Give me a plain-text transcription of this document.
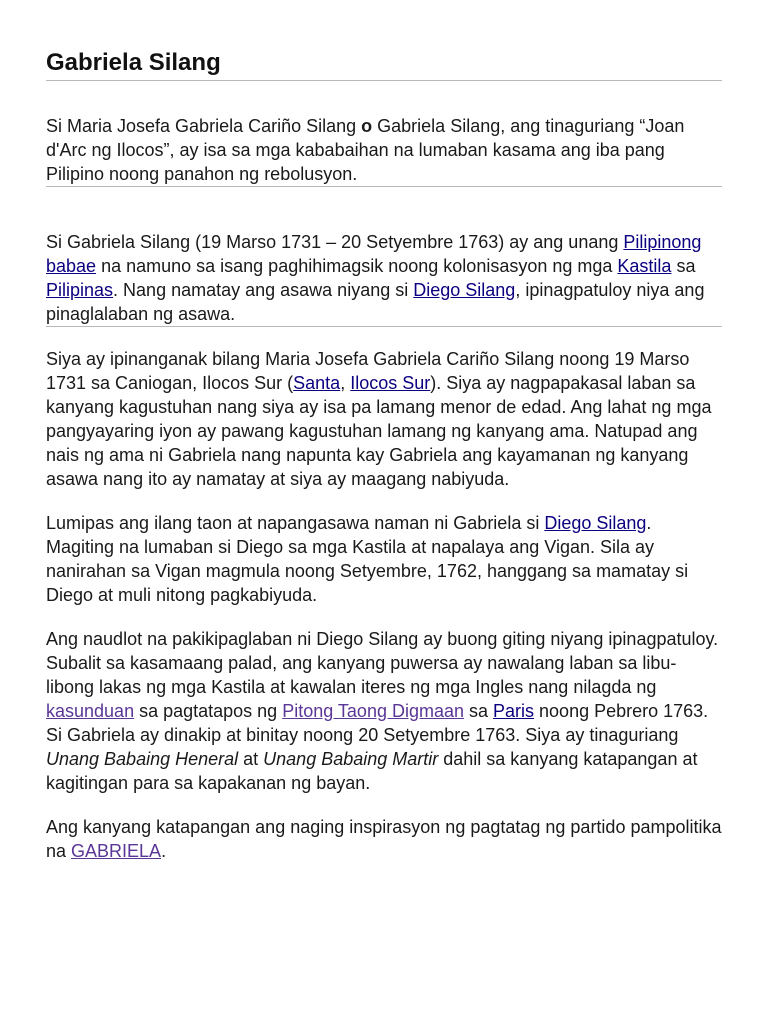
Gabriela Silang

Si Maria Josefa Gabriela Cariño Silang o Gabriela Silang, ang tinaguriang “Joan d'Arc ng Ilocos”, ay isa sa mga kababaihan na lumaban kasama ang iba pang Pilipino noong panahon ng rebolusyon.

Si Gabriela Silang (19 Marso 1731 – 20 Setyembre 1763) ay ang unang Pilipinong babae na namuno sa isang paghihimagsik noong kolonisasyon ng mga Kastila sa Pilipinas. Nang namatay ang asawa niyang si Diego Silang, ipinagpatuloy niya ang pinaglalaban ng asawa.

Siya ay ipinanganak bilang Maria Josefa Gabriela Cariño Silang noong 19 Marso 1731 sa Caniogan, Ilocos Sur (Santa, Ilocos Sur). Siya ay nagpapakasal laban sa kanyang kagustuhan nang siya ay isa pa lamang menor de edad. Ang lahat ng mga pangyayaring iyon ay pawang kagustuhan lamang ng kanyang ama. Natupad ang nais ng ama ni Gabriela nang napunta kay Gabriela ang kayamanan ng kanyang asawa nang ito ay namatay at siya ay maagang nabiyuda.

Lumipas ang ilang taon at napangasawa naman ni Gabriela si Diego Silang. Magiting na lumaban si Diego sa mga Kastila at napalaya ang Vigan. Sila ay nanirahan sa Vigan magmula noong Setyembre, 1762, hanggang sa mamatay si Diego at muli nitong pagkabiyuda.

Ang naudlot na pakikipaglaban ni Diego Silang ay buong giting niyang ipinagpatuloy. Subalit sa kasamaang palad, ang kanyang puwersa ay nawalang laban sa libu-libong lakas ng mga Kastila at kawalan iteres ng mga Ingles nang nilagda ng kasunduan sa pagtatapos ng Pitong Taong Digmaan sa Paris noong Pebrero 1763. Si Gabriela ay dinakip at binitay noong 20 Setyembre 1763. Siya ay tinaguriang Unang Babaing Heneral at Unang Babaing Martir dahil sa kanyang katapangan at kagitingan para sa kapakanan ng bayan.

Ang kanyang katapangan ang naging inspirasyon ng pagtatag ng partido pampolitika na GABRIELA.
